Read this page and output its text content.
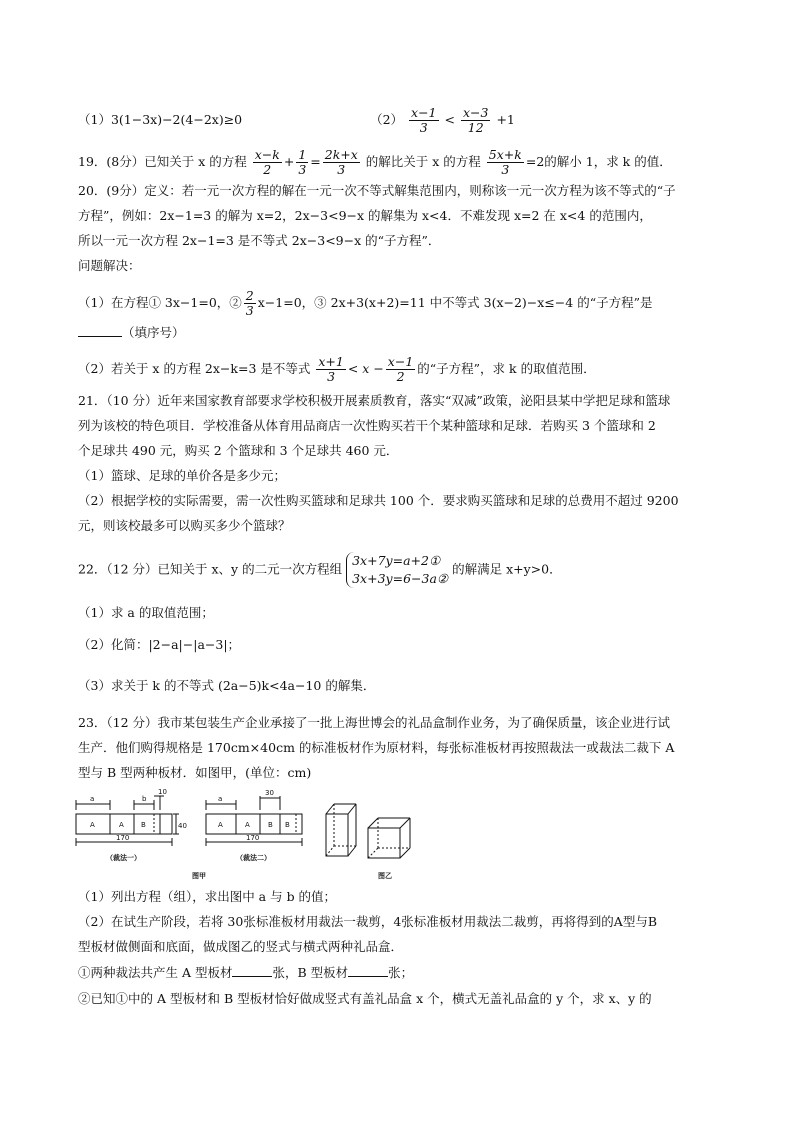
（1）3(1−3x)−2(4−2x)≥0	$(2) \frac{x-1}{3} < \frac{x-3}{12} +1$
19．(8分）已知关于 x 的方程 $\frac{x-k}{2} + \frac{1}{3} = \frac{2k+x}{3}$ 的解比关于 x 的方程 $\frac{5x+k}{3} =2$的解小 1，求 k 的值．
20．(9分）定义：若一元一次方程的解在一元一次不等式解集范围内，则称该一元一次方程为该不等式的“子
方程”，例如：2x−1=3 的解为 x=2，2x−3<9−x 的解集为 x<4．不难发现 x=2 在 x<4 的范围内，
所以一元一次方程 2x−1=3 是不等式 2x−3<9−x 的“子方程”．
问题解决：
（1）在方程① 3x−1=0，② $\frac{2}{3} x-1=0$，③ 2x+3(x+2)=11 中不等式 3(x−2)−x≤−4 的“子方程”是
（填序号）
（2）若关于 x 的方程 2x−k=3 是不等式 $\frac{x+1}{3} < x - \frac{x-1}{2}$ 的“子方程”，求 k 的取值范围．
21．（10 分）近年来国家教育部要求学校积极开展素质教育，落实“双减”政策，泌阳县某中学把足球和篮球
列为该校的特色项目．学校准备从体育用品商店一次性购买若干个某种篮球和足球．若购买 3 个篮球和 2
个足球共 490 元，购买 2 个篮球和 3 个足球共 460 元．
（1）篮球、足球的单价各是多少元；
（2）根据学校的实际需要，需一次性购买篮球和足球共 100 个．要求购买篮球和足球的总费用不超过 9200
元，则该校最多可以购买多少个篮球？
22．（12 分）已知关于 x、y 的二元一次方程组
3x+7y=a+2①
3x+3y=6−3a②
的解满足 x+y>0．
（1）求 a 的取值范围；
（2）化简：|2−a|−|a−3|；
（3）求关于 k 的不等式 (2a−5)k<4a−10 的解集．
23．（12 分）我市某包装生产企业承接了一批上海世博会的礼品盒制作业务，为了确保质量，该企业进行试
生产．他们购得规格是 170cm×40cm 的标准板材作为原材料，每张标准板材再按照裁法一或裁法二裁下 A
型与 B 型两种板材．如图甲，(单位：cm)
a	b
10
A	A B	40
170
（裁法一）
a
30
A	A	B B
170
（裁法二）
图甲	图乙
（1）列出方程（组），求出图中 a 与 b 的值；
（2）在试生产阶段，若将 30张标准板材用裁法一裁剪，4张标准板材用裁法二裁剪，再将得到的A型与B
型板材做侧面和底面，做成图乙的竖式与横式两种礼品盒．
①两种裁法共产生 A 型板材	张，B 型板材	张；
②已知①中的 A 型板材和 B 型板材恰好做成竖式有盖礼品盒 x 个，横式无盖礼品盒的 y 个，求 x、y 的
